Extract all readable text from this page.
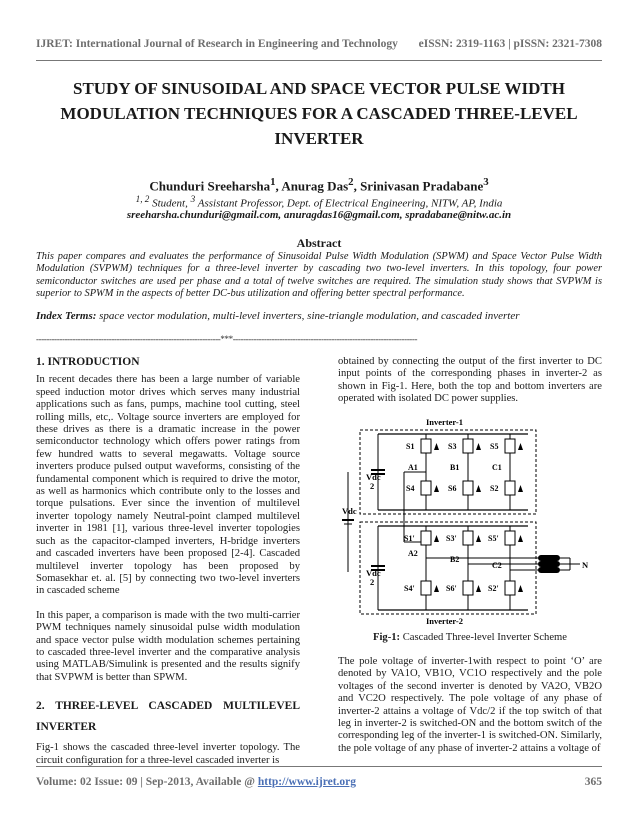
IJRET: International Journal of Research in Engineering and Technology eISSN: 2319-1163 | pISSN: 2321-7308
STUDY OF SINUSOIDAL AND SPACE VECTOR PULSE WIDTH
MODULATION TECHNIQUES FOR A CASCADED THREE-LEVEL
INVERTER
Chunduri Sreeharsha$^1$, Anurag Das$^2$, Srinivasan Pradabane$^3$
$^{1, 2}$ Student, $^3$ Assistant Professor, Dept. of Electrical Engineering, NITW, AP, India
sreeharsha.chunduri@gmail.com, anuragdas16@gmail.com, spradabane@nitw.ac.in
Abstract
This paper compares and evaluates the performance of Sinusoidal Pulse Width Modulation (SPWM) and Space Vector Pulse Width Modulation (SVPWM) techniques for a three-level inverter by cascading two two-level inverters. In this topology, four power semiconductor switches are used per phase and a total of twelve switches are required. The simulation study shows that SVPWM is superior to SPWM in the aspects of better DC-bus utilization and offering better spectral performance.
Index Terms: space vector modulation, multi-level inverters, sine-triangle modulation, and cascaded inverter
-----------------------------------------------------------------------***-----------------------------------------------------------------------
1. INTRODUCTION

In recent decades there has been a large number of variable speed induction motor drives which serves many industrial applications such as fans, pumps, machine tool cutting, steel rolling mills, etc,. Voltage source inverters are employed for these drives as there is a dramatic increase in the power semiconductor technology which offers power ratings from few hundred watts to several megawatts. Voltage source inverters produce pulsed output waveforms, consisting of the fundamental component which is required to drive the motor, as well as harmonics which contribute only to the losses and torque pulsations. Ever since the invention of multilevel inverter topology namely Neutral-point clamped multilevel inverter in 1981 [1], various three-level inverter topologies such as the capacitor-clamped inverters, H-bridge inverters and cascaded inverters have been proposed [2-4]. Cascaded multilevel inverter topology has been proposed by Somasekhar et. al. [5] by connecting two two-level inverters in cascaded scheme

In this paper, a comparison is made with the two multi-carrier PWM techniques namely sinusoidal pulse width modulation and space vector pulse width modulation schemes pertaining to cascaded three-level inverter and the comparative analysis using MATLAB/Simulink is presented and the results signify that SVPWM is better than SPWM.

2. THREE-LEVEL CASCADED MULTILEVEL INVERTER

Fig-1 shows the cascaded three-level inverter topology. The circuit configuration for a three-level cascaded inverter is

obtained by connecting the output of the first inverter to DC input points of the corresponding phases in inverter-2 as shown in Fig-1. Here, both the top and bottom inverters are operated with isolated DC power supplies.

Inverter-1
Inverter-2
Vdc
Vdc
2
Vdc
2
N
S1	S3	S5
S4	S6	S2
S1'	S3'	S5'
S4'	S6'	S2'
A1	B1	C1
A2
B2
C2
Fig-1: Cascaded Three-level Inverter Scheme

The pole voltage of inverter-1with respect to point ‘O’ are denoted by VA1O, VB1O, VC1O respectively and the pole voltages of the second inverter is denoted by VA2O, VB2O and VC2O respectively. The pole voltage of any phase of inverter-2 attains a voltage of Vdc/2 if the top switch of that leg in inverter-2 is switched-ON and the bottom switch of the corresponding leg of the inverter-1 is switched-ON. Similarly, the pole voltage of any phase of inverter-2 attains a voltage of

Volume: 02 Issue: 09 | Sep-2013, Available @ http://www.ijret.org	365
